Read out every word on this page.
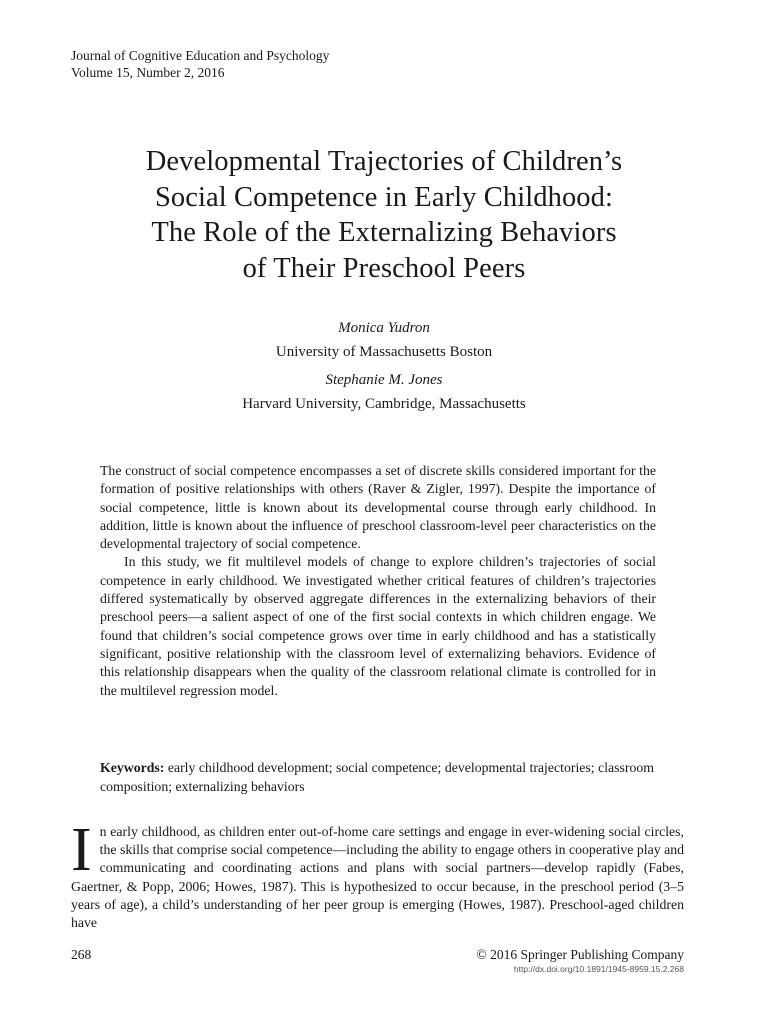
Journal of Cognitive Education and Psychology
Volume 15, Number 2, 2016
Developmental Trajectories of Children’s
Social Competence in Early Childhood:
The Role of the Externalizing Behaviors
of Their Preschool Peers
Monica Yudron
University of Massachusetts Boston
Stephanie M. Jones
Harvard University, Cambridge, Massachusetts

The construct of social competence encompasses a set of discrete skills considered important for the formation of positive relationships with others (Raver & Zigler, 1997). Despite the importance of social competence, little is known about its developmental course through early childhood. In addition, little is known about the influence of preschool classroom-level peer characteristics on the developmental trajectory of social competence.

In this study, we fit multilevel models of change to explore children’s trajectories of social competence in early childhood. We investigated whether critical features of children’s trajectories differed systematically by observed aggregate differences in the externalizing behaviors of their preschool peers—a salient aspect of one of the first social contexts in which children engage. We found that children’s social competence grows over time in early childhood and has a statistically significant, positive relationship with the classroom level of externalizing behaviors. Evidence of this relationship disappears when the quality of the classroom relational climate is controlled for in the multilevel regression model.

Keywords: early childhood development; social competence; developmental trajectories; classroom composition; externalizing behaviors
I n early childhood, as children enter out-of-home care settings and engage in ever-widening social circles, the skills that comprise social competence—including the ability to engage others in cooperative play and communicating and coordinating actions and plans with social partners—develop rapidly (Fabes, Gaertner, & Popp, 2006; Howes, 1987). This is hypothesized to occur because, in the preschool period (3–5 years of age), a child’s understanding of her peer group is emerging (Howes, 1987). Preschool-aged children have

268	© 2016 Springer Publishing Company
http://dx.doi.org/10.1891/1945-8959.15.2.268
